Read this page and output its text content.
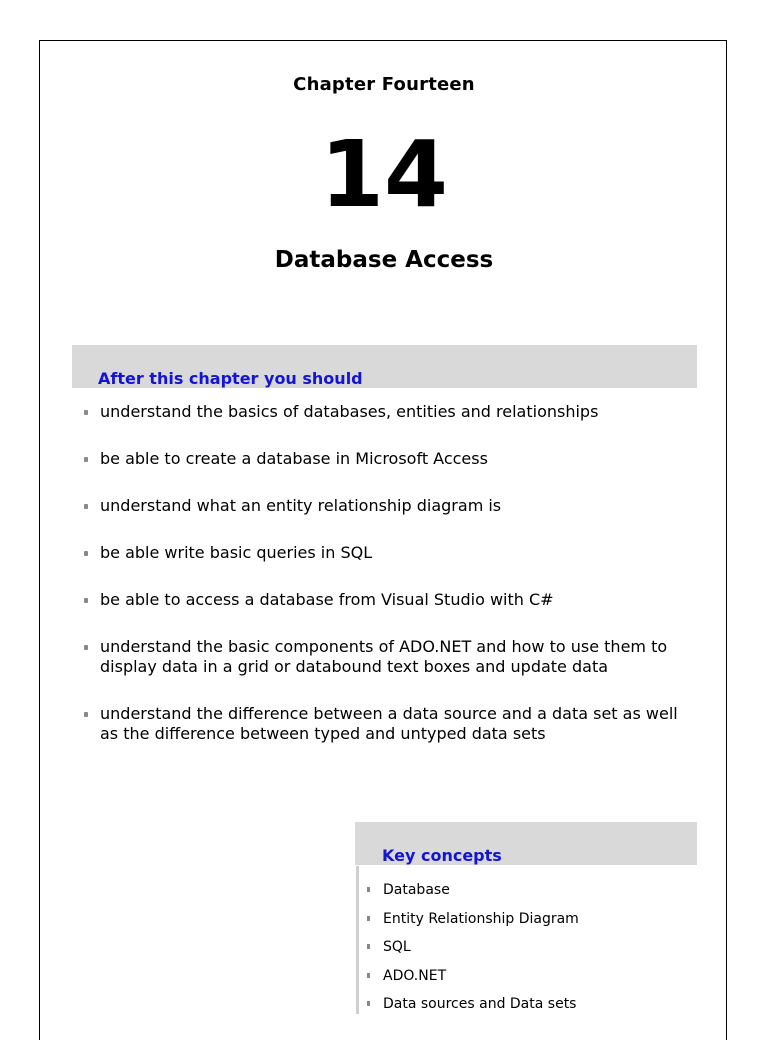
Chapter Fourteen
14
Database Access
After this chapter you should
understand the basics of databases, entities and relationships
be able to create a database in Microsoft Access
understand what an entity relationship diagram is
be able write basic queries in SQL
be able to access a database from Visual Studio with C#
understand the basic components of ADO.NET and how to use them to display data in a grid or databound text boxes and update data
understand the difference between a data source and a data set as well as the difference between typed and untyped data sets
Key concepts
Database
Entity Relationship Diagram
SQL
ADO.NET
Data sources and Data sets
